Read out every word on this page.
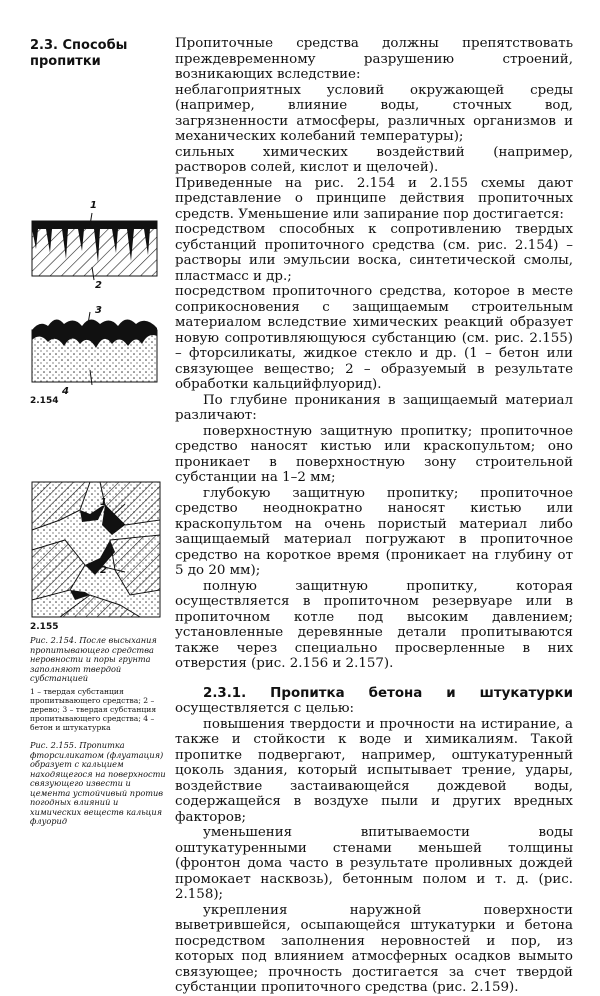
2.3. Способы
пропитки
1
2
3
4
2.154
1
2
2.155
Рис. 2.154. После высыхания пропитывающего средства неровности и поры грунта заполняют твердой субстанцией
1 – твердая субстанция пропитывающего средства; 2 – дерево; 3 – твердая субстанция пропитывающего средства; 4 – бетон и штукатурка
Рис. 2.155. Пропитка фторсиликатом (флуатация) образует с кальцием находящегося на поверхности связующего извести и цемента устойчивый против погодных влияний и химических веществ кальция флуорид

Пропиточные средства должны препятствовать преждевременному разрушению строений, возникающих вследствие:

неблагоприятных условий окружающей среды (например, влияние воды, сточных вод, загрязненности атмосферы, различных организмов и механических колебаний температуры);

сильных химических воздействий (например, растворов солей, кислот и щелочей).

Приведенные на рис. 2.154 и 2.155 схемы дают представление о принципе действия пропиточных средств. Уменьшение или запирание пор достигается:

посредством способных к сопротивлению твердых субстанций пропиточного средства (см. рис. 2.154) – растворы или эмульсии воска, синтетической смолы, пластмасс и др.;

посредством пропиточного средства, которое в месте соприкосновения с защищаемым строительным материалом вследствие химических реакций образует новую сопротивляющуюся субстанцию (см. рис. 2.155) – фторсиликаты, жидкое стекло и др. (1 – бетон или связующее вещество; 2 – образуемый в результате обработки кальцийфлуорид).

По глубине проникания в защищаемый материал различают:

поверхностную защитную пропитку; пропиточное средство наносят кистью или краскопультом; оно проникает в поверхностную зону строительной субстанции на 1–2 мм;

глубокую защитную пропитку; пропиточное средство неоднократно наносят кистью или краскопультом на очень пористый материал либо защищаемый материал погружают в пропиточное средство на короткое время (проникает на глубину от 5 до 20 мм);

полную защитную пропитку, которая осуществляется в пропиточном резервуаре или в пропиточном котле под высоким давлением; установленные деревянные детали пропитываются также через специально просверленные в них отверстия (рис. 2.156 и 2.157).

2.3.1. Пропитка бетона и штукатурки осуществляется с целью:

повышения твердости и прочности на истирание, а также и стойкости к воде и химикалиям. Такой пропитке подвергают, например, оштукатуренный цоколь здания, который испытывает трение, удары, воздействие застаивающейся дождевой воды, содержащейся в воздухе пыли и других вредных факторов;

уменьшения впитываемости воды оштукатуренными стенами меньшей толщины (фронтон дома часто в результате проливных дождей промокает насквозь), бетонным полом и т. д. (рис. 2.158);

укрепления наружной поверхности выветрившейся, осыпающейся штукатурки и бетона посредством заполнения неровностей и пор, из которых под влиянием атмосферных осадков вымыто связующее; прочность достигается за счет твердой субстанции пропиточного средства (рис. 2.159).
